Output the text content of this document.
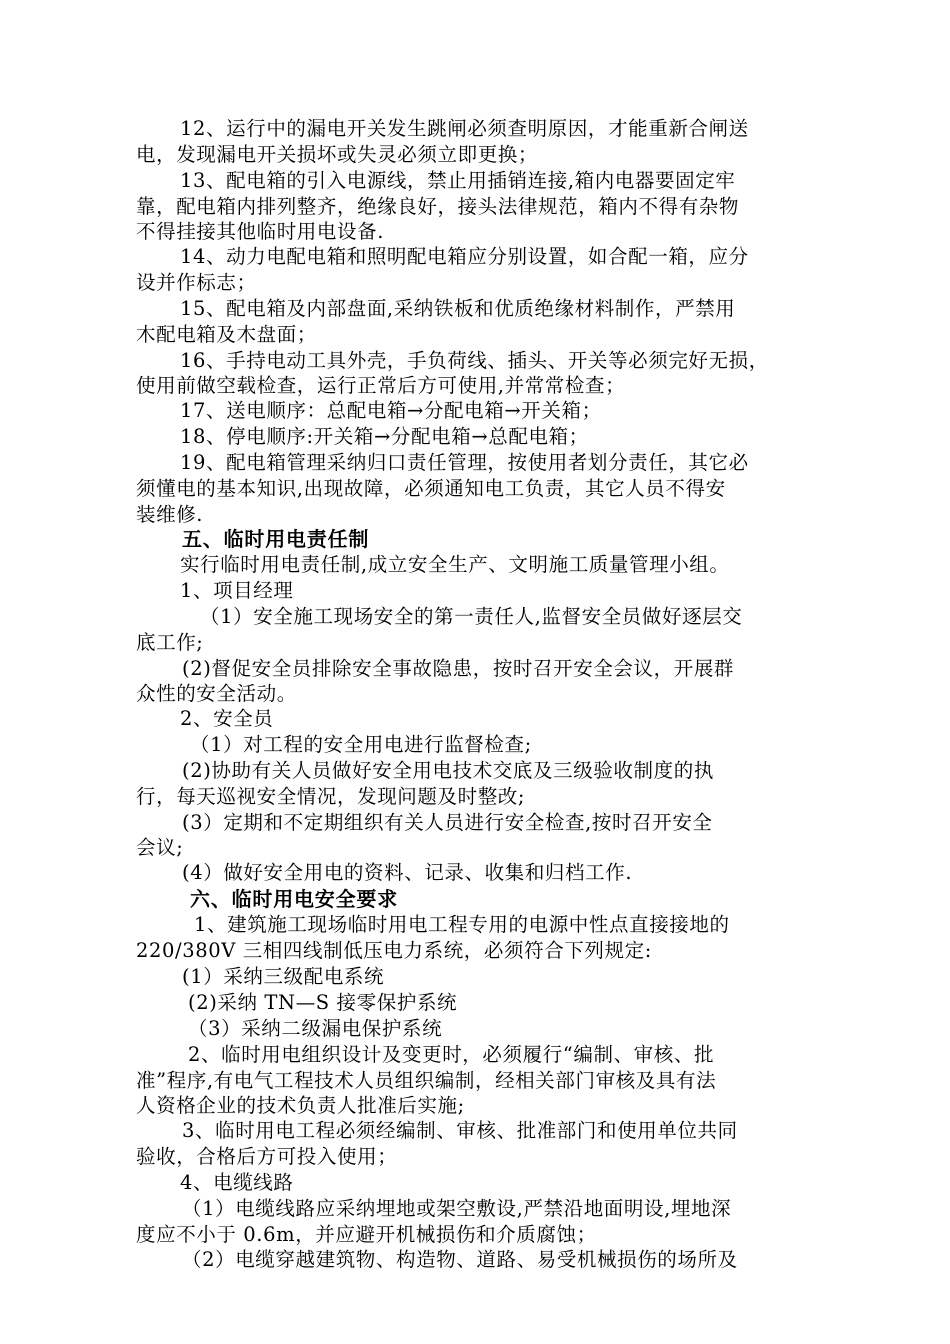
12、运行中的漏电开关发生跳闸必须查明原因，才能重新合闸送
电，发现漏电开关损坏或失灵必须立即更换；
13、配电箱的引入电源线，禁止用插销连接,箱内电器要固定牢
靠，配电箱内排列整齐，绝缘良好，接头法律规范，箱内不得有杂物
不得挂接其他临时用电设备.
14、动力电配电箱和照明配电箱应分别设置，如合配一箱，应分
设并作标志；
15、配电箱及内部盘面,采纳铁板和优质绝缘材料制作，严禁用
木配电箱及木盘面；
16、手持电动工具外壳，手负荷线、插头、开关等必须完好无损，
使用前做空载检查，运行正常后方可使用,并常常检查；
17、送电顺序：总配电箱→分配电箱→开关箱；
18、停电顺序:开关箱→分配电箱→总配电箱；
19、配电箱管理采纳归口责任管理，按使用者划分责任，其它必
须懂电的基本知识,出现故障，必须通知电工负责，其它人员不得安
装维修.
五、临时用电责任制
实行临时用电责任制,成立安全生产、文明施工质量管理小组。
1、项目经理
（1）安全施工现场安全的第一责任人,监督安全员做好逐层交
底工作;
(2)督促安全员排除安全事故隐患，按时召开安全会议，开展群
众性的安全活动。
2、安全员
（1）对工程的安全用电进行监督检查;
(2)协助有关人员做好安全用电技术交底及三级验收制度的执
行，每天巡视安全情况，发现问题及时整改;
(3）定期和不定期组织有关人员进行安全检查,按时召开安全
会议;
(4）做好安全用电的资料、记录、收集和归档工作.
六、临时用电安全要求
1、建筑施工现场临时用电工程专用的电源中性点直接接地的
220/380V 三相四线制低压电力系统，必须符合下列规定:
(1）采纳三级配电系统
(2)采纳 TN—S 接零保护系统
（3）采纳二级漏电保护系统
2、临时用电组织设计及变更时，必须履行“编制、审核、批
准”程序,有电气工程技术人员组织编制，经相关部门审核及具有法
人资格企业的技术负责人批准后实施;
3、临时用电工程必须经编制、审核、批准部门和使用单位共同
验收，合格后方可投入使用；
4、电缆线路
（1）电缆线路应采纳埋地或架空敷设,严禁沿地面明设,埋地深
度应不小于 0.6m，并应避开机械损伤和介质腐蚀；
（2）电缆穿越建筑物、构造物、道路、易受机械损伤的场所及
